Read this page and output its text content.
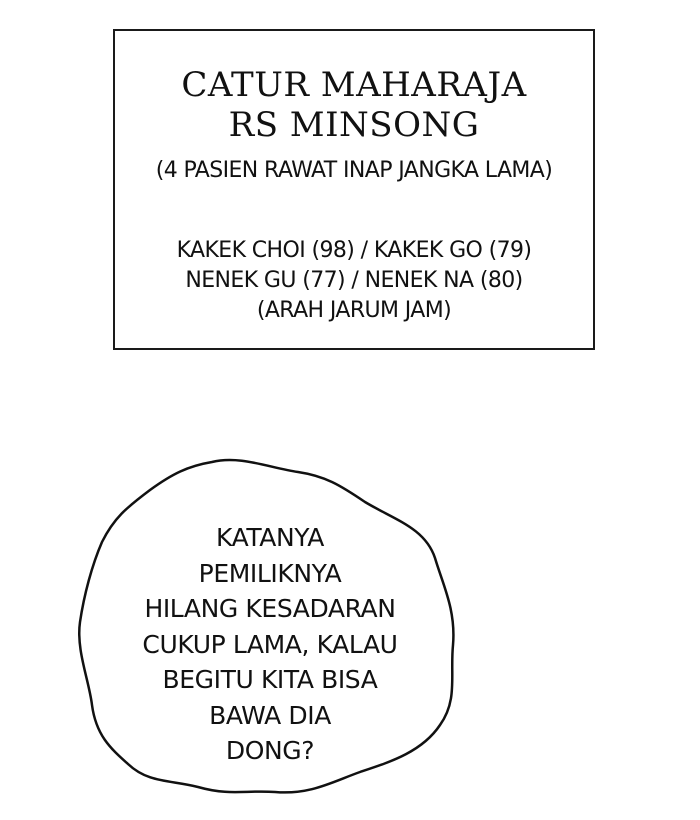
CATUR MAHARAJA
RS MINSONG

(4 PASIEN RAWAT INAP JANGKA LAMA)

KAKEK CHOI (98) / KAKEK GO (79)
NENEK GU (77) / NENEK NA (80)
(ARAH JARUM JAM)

KATANYA
PEMILIKNYA
HILANG KESADARAN
CUKUP LAMA, KALAU
BEGITU KITA BISA
BAWA DIA
DONG?
